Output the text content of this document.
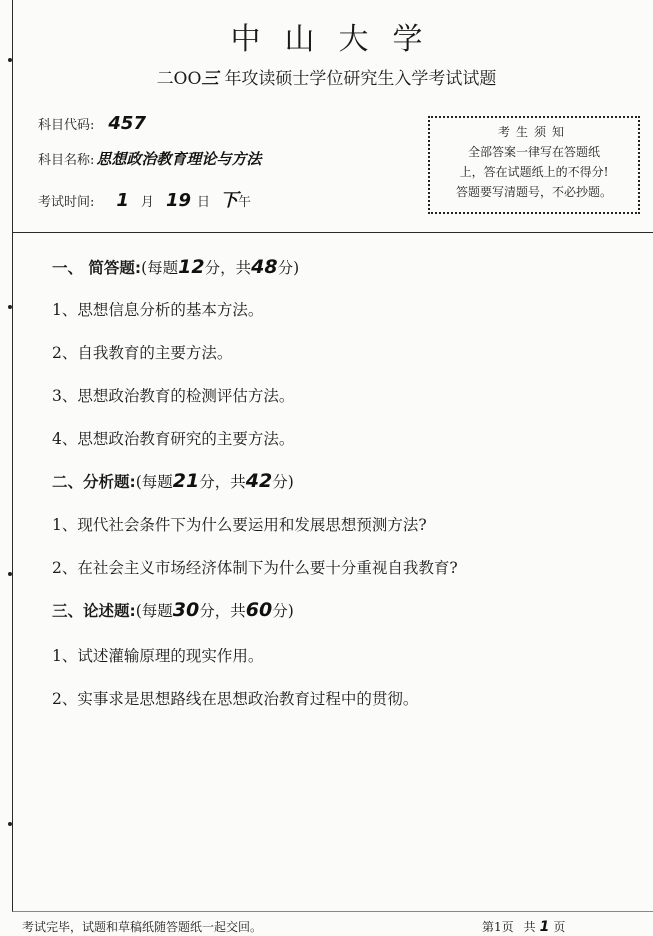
中山大学
二OO三 年攻读硕士学位研究生入学考试试题
科目代码: 457
科目名称: 思想政治教育理论与方法
考试时间: 1 月 19 日 下午
考生须知
全部答案一律写在答题纸
上，答在试题纸上的不得分!
答题要写清题号，不必抄题。
一、 简答题:(每题12分，共48分)
1、思想信息分析的基本方法。
2、自我教育的主要方法。
3、思想政治教育的检测评估方法。
4、思想政治教育研究的主要方法。
二、分析题:(每题21分，共42分)
1、现代社会条件下为什么要运用和发展思想预测方法?
2、在社会主义市场经济体制下为什么要十分重视自我教育?
三、论述题:(每题30分，共60分)
1、试述灌输原理的现实作用。
2、实事求是思想路线在思想政治教育过程中的贯彻。
考试完毕，试题和草稿纸随答题纸一起交回。	第1页 共 1 页
